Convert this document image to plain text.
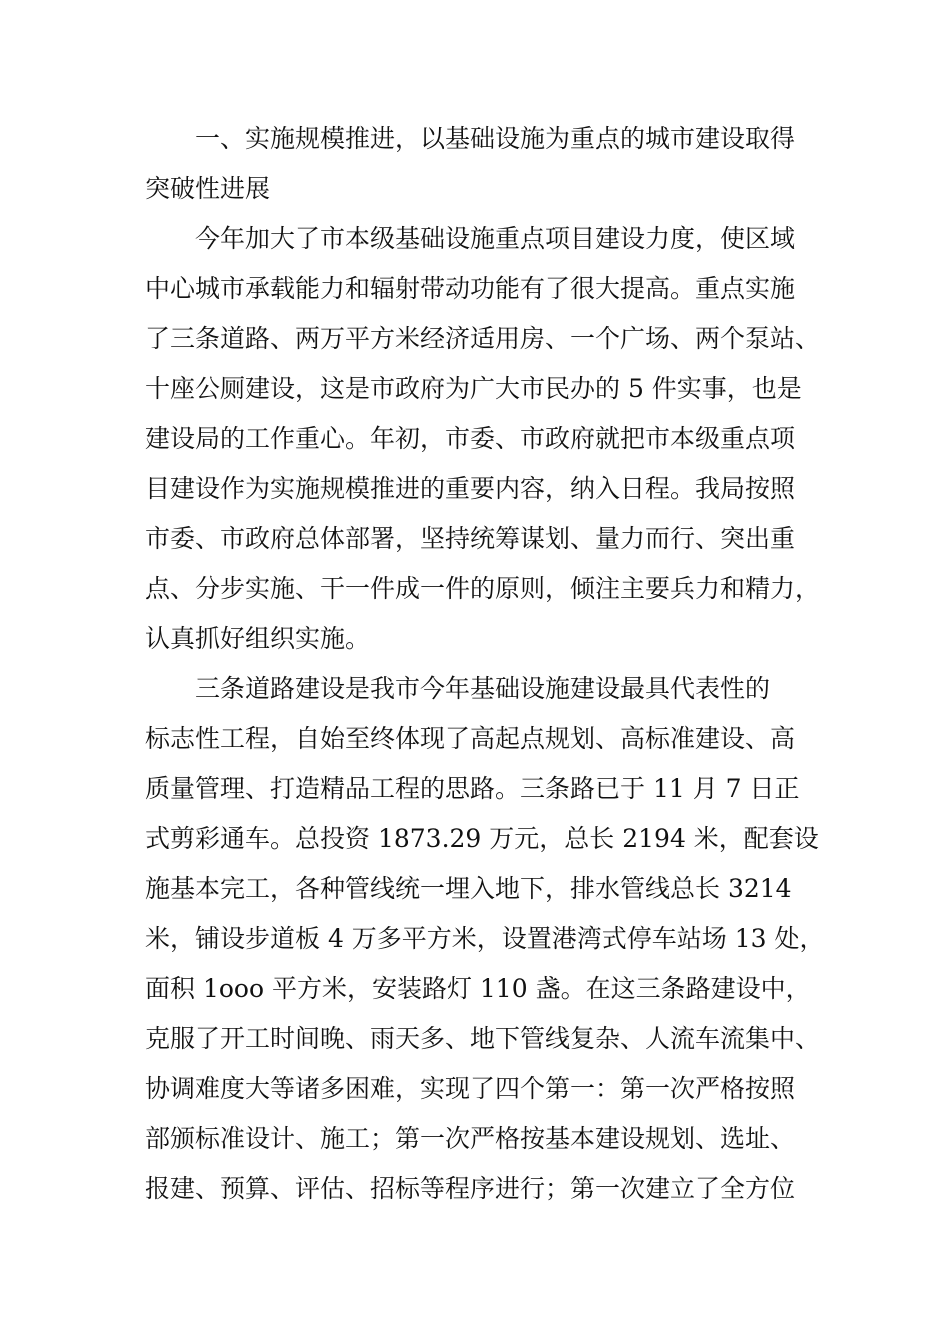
一、实施规模推进，以基础设施为重点的城市建设取得
突破性进展
今年加大了市本级基础设施重点项目建设力度，使区域
中心城市承载能力和辐射带动功能有了很大提高。重点实施
了三条道路、两万平方米经济适用房、一个广场、两个泵站、
十座公厕建设，这是市政府为广大市民办的 5 件实事，也是
建设局的工作重心。年初，市委、市政府就把市本级重点项
目建设作为实施规模推进的重要内容，纳入日程。我局按照
市委、市政府总体部署，坚持统筹谋划、量力而行、突出重
点、分步实施、干一件成一件的原则，倾注主要兵力和精力，
认真抓好组织实施。
三条道路建设是我市今年基础设施建设最具代表性的
标志性工程，自始至终体现了高起点规划、高标准建设、高
质量管理、打造精品工程的思路。三条路已于 11 月 7 日正
式剪彩通车。总投资 1873.29 万元，总长 2194 米，配套设
施基本完工，各种管线统一埋入地下，排水管线总长 3214
米，铺设步道板 4 万多平方米，设置港湾式停车站场 13 处，
面积 1ooo 平方米，安装路灯 110 盏。在这三条路建设中，
克服了开工时间晚、雨天多、地下管线复杂、人流车流集中、
协调难度大等诸多困难，实现了四个第一：第一次严格按照
部颁标准设计、施工；第一次严格按基本建设规划、选址、
报建、预算、评估、招标等程序进行；第一次建立了全方位
